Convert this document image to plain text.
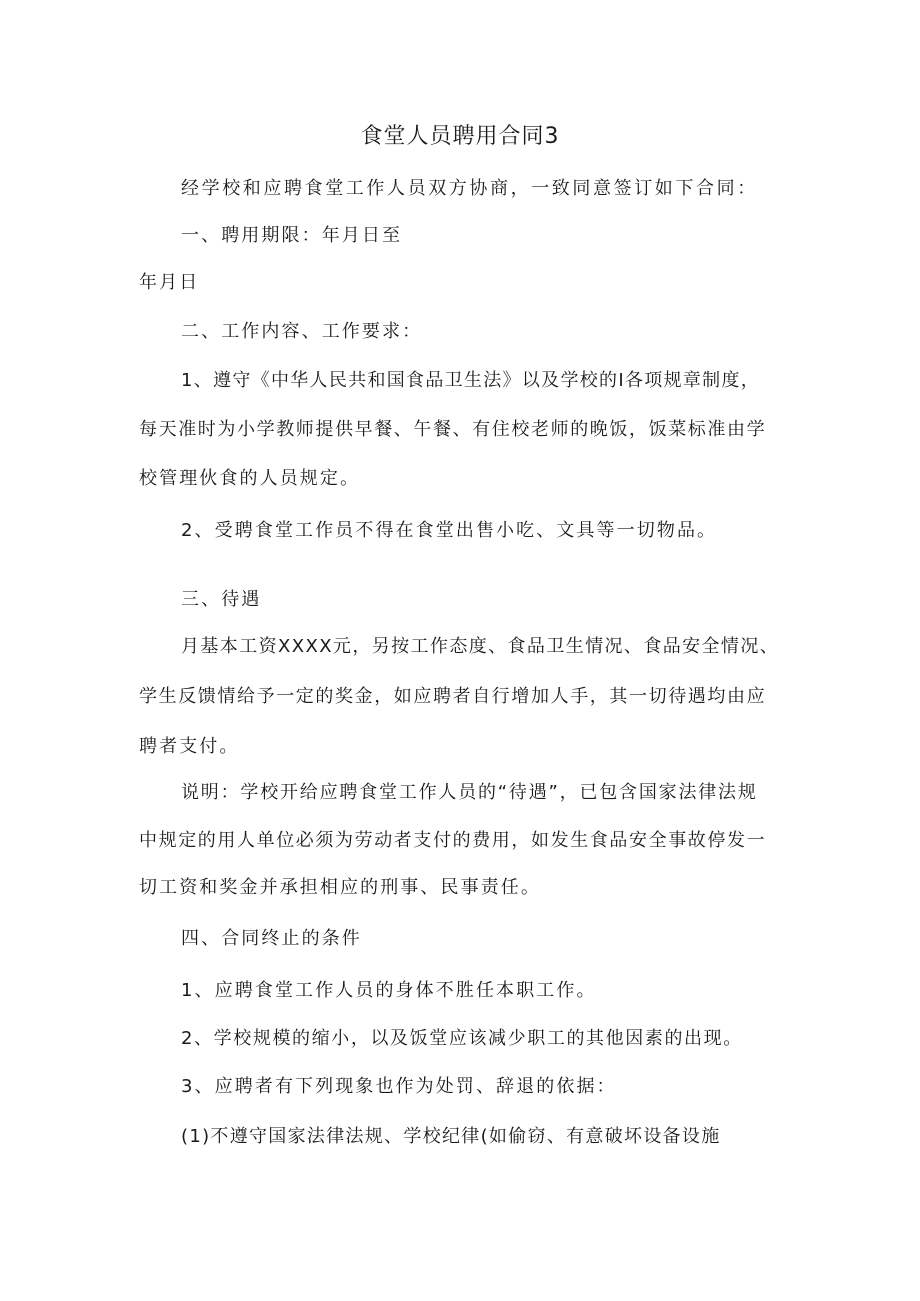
食堂人员聘用合同3
经学校和应聘食堂工作人员双方协商，一致同意签订如下合同：
一、聘用期限：年月日至
年月日
二、工作内容、工作要求：
1、遵守《中华人民共和国食品卫生法》以及学校的I各项规章制度，
每天准时为小学教师提供早餐、午餐、有住校老师的晚饭，饭菜标准由学
校管理伙食的人员规定。
2、受聘食堂工作员不得在食堂出售小吃、文具等一切物品。
三、待遇
月基本工资XXXX元，另按工作态度、食品卫生情况、食品安全情况、
学生反馈情给予一定的奖金，如应聘者自行增加人手，其一切待遇均由应
聘者支付。
说明：学校开给应聘食堂工作人员的“待遇”，已包含国家法律法规
中规定的用人单位必须为劳动者支付的费用，如发生食品安全事故停发一
切工资和奖金并承担相应的刑事、民事责任。
四、合同终止的条件
1、应聘食堂工作人员的身体不胜任本职工作。
2、学校规模的缩小，以及饭堂应该减少职工的其他因素的出现。
3、应聘者有下列现象也作为处罚、辞退的依据：
(1)不遵守国家法律法规、学校纪律(如偷窃、有意破坏设备设施
